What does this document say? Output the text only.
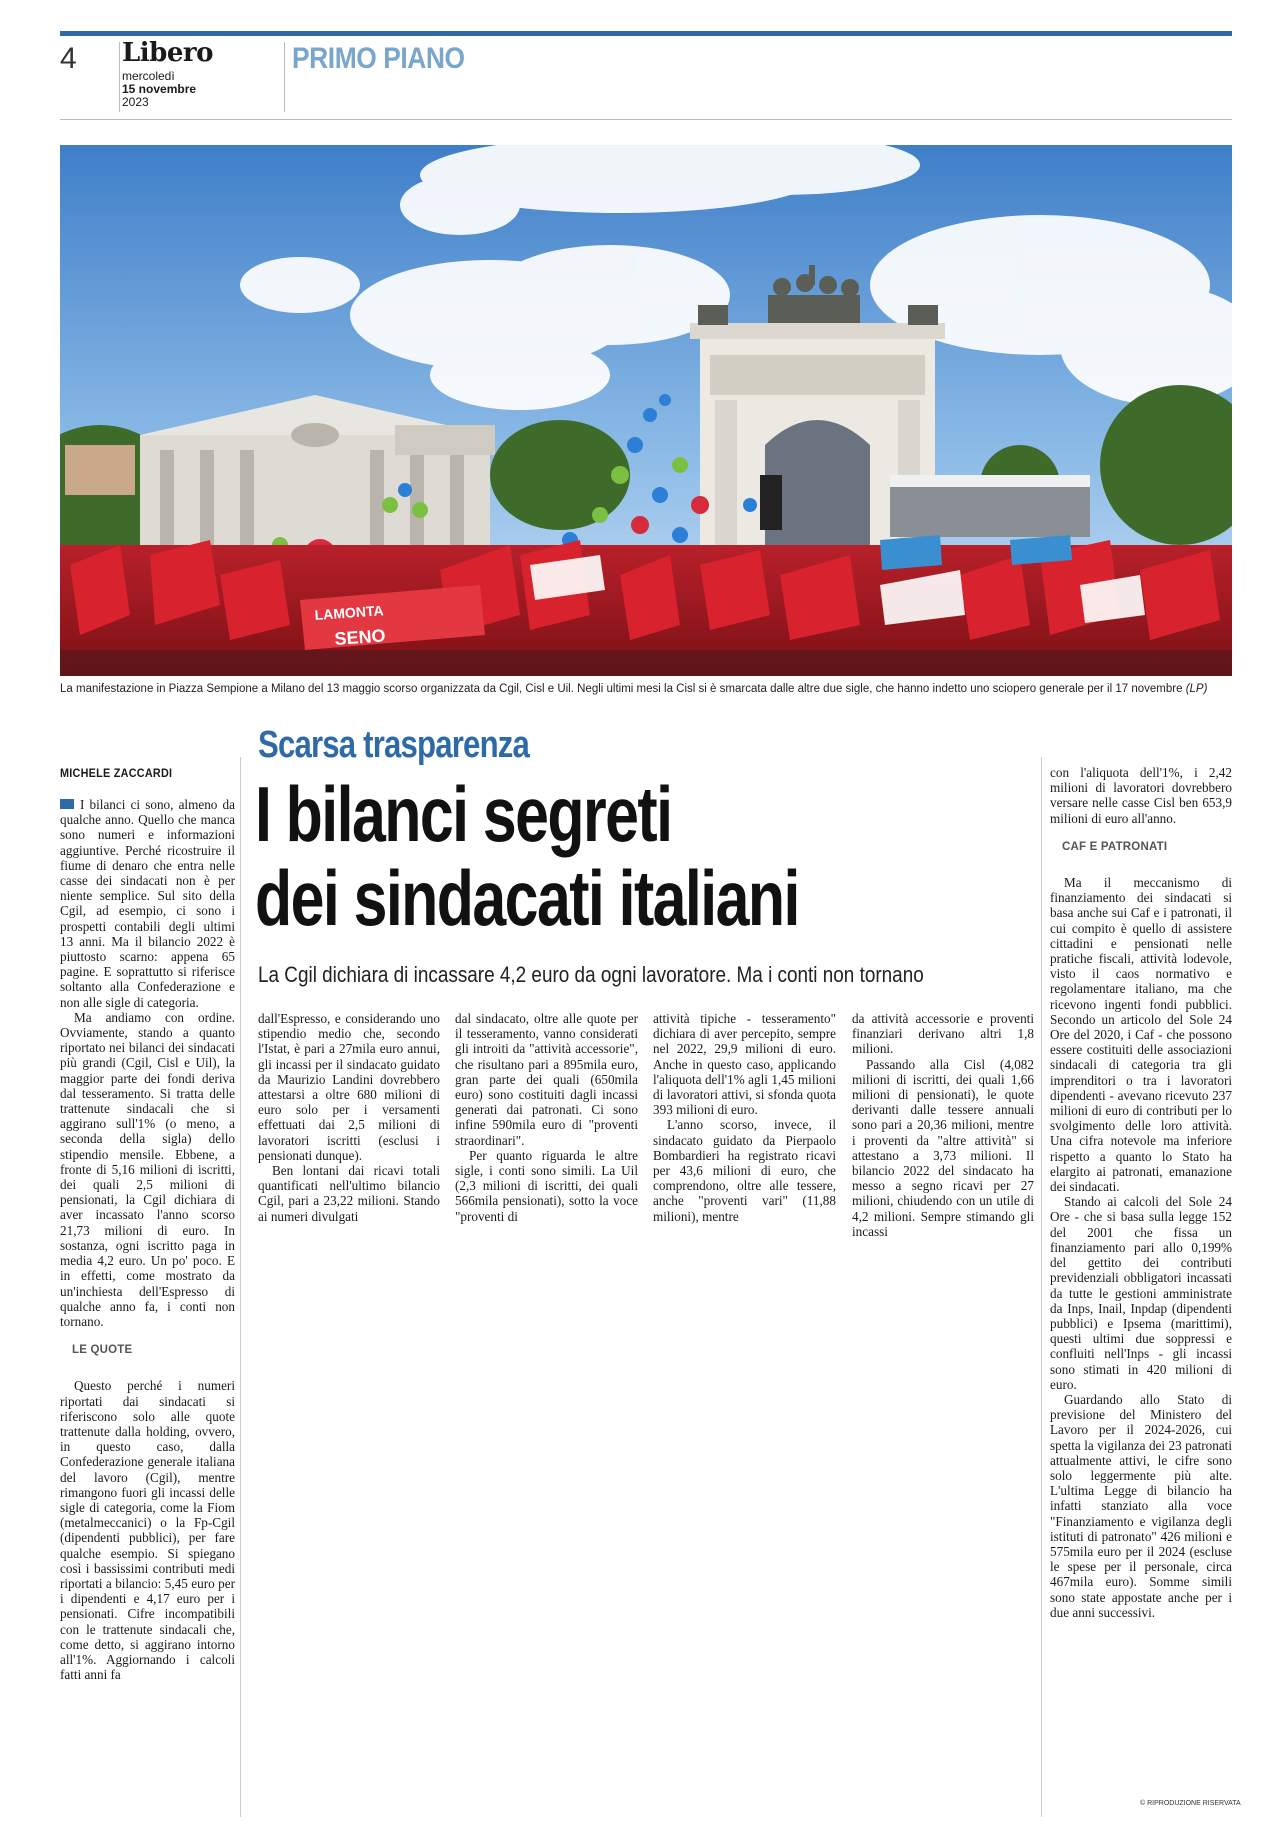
4 Libero
mercoledì
15 novembre
2023
PRIMO PIANO
LAMONTA
SENO
La manifestazione in Piazza Sempione a Milano del 13 maggio scorso organizzata da Cgil, Cisl e Uil. Negli ultimi mesi la Cisl si è smarcata dalle altre due sigle, che hanno indetto uno sciopero generale per il 17 novembre (LP)
Scarsa trasparenza
I bilanci segreti
dei sindacati italiani
La Cgil dichiara di incassare 4,2 euro da ogni lavoratore. Ma i conti non tornano
MICHELE ZACCARDI

I bilanci ci sono, almeno da qualche anno. Quello che manca sono numeri e informazioni aggiuntive. Perché ricostruire il fiume di denaro che entra nelle casse dei sindacati non è per niente semplice. Sul sito della Cgil, ad esempio, ci sono i prospetti contabili degli ultimi 13 anni. Ma il bilancio 2022 è piuttosto scarno: appena 65 pagine. E soprattutto si riferisce soltanto alla Confederazione e non alle sigle di categoria.

Ma andiamo con ordine. Ovviamente, stando a quanto riportato nei bilanci dei sindacati più grandi (Cgil, Cisl e Uil), la maggior parte dei fondi deriva dal tesseramento. Si tratta delle trattenute sindacali che si aggirano sull'1% (o meno, a seconda della sigla) dello stipendio mensile. Ebbene, a fronte di 5,16 milioni di iscritti, dei quali 2,5 milioni di pensionati, la Cgil dichiara di aver incassato l'anno scorso 21,73 milioni di euro. In sostanza, ogni iscritto paga in media 4,2 euro. Un po' poco. E in effetti, come mostrato da un'inchiesta dell'Espresso di qualche anno fa, i conti non tornano.

LE QUOTE

Questo perché i numeri riportati dai sindacati si riferiscono solo alle quote trattenute dalla holding, ovvero, in questo caso, dalla Confederazione generale italiana del lavoro (Cgil), mentre rimangono fuori gli incassi delle sigle di categoria, come la Fiom (metalmeccanici) o la Fp-Cgil (dipendenti pubblici), per fare qualche esempio. Si spiegano così i bassissimi contributi medi riportati a bilancio: 5,45 euro per i dipendenti e 4,17 euro per i pensionati. Cifre incompatibili con le trattenute sindacali che, come detto, si aggirano intorno all'1%. Aggiornando i calcoli fatti anni fa

dall'Espresso, e considerando uno stipendio medio che, secondo l'Istat, è pari a 27mila euro annui, gli incassi per il sindacato guidato da Maurizio Landini dovrebbero attestarsi a oltre 680 milioni di euro solo per i versamenti effettuati dai 2,5 milioni di lavoratori iscritti (esclusi i pensionati dunque).

Ben lontani dai ricavi totali quantificati nell'ultimo bilancio Cgil, pari a 23,22 milioni. Stando ai numeri divulgati

dal sindacato, oltre alle quote per il tesseramento, vanno considerati gli introiti da "attività accessorie", che risultano pari a 895mila euro, gran parte dei quali (650mila euro) sono costituiti dagli incassi generati dai patronati. Ci sono infine 590mila euro di "proventi straordinari".

Per quanto riguarda le altre sigle, i conti sono simili. La Uil (2,3 milioni di iscritti, dei quali 566mila pensionati), sotto la voce "proventi di

attività tipiche - tesseramento" dichiara di aver percepito, sempre nel 2022, 29,9 milioni di euro. Anche in questo caso, applicando l'aliquota dell'1% agli 1,45 milioni di lavoratori attivi, si sfonda quota 393 milioni di euro.

L'anno scorso, invece, il sindacato guidato da Pierpaolo Bombardieri ha registrato ricavi per 43,6 milioni di euro, che comprendono, oltre alle tessere, anche "proventi vari" (11,88 milioni), mentre

da attività accessorie e proventi finanziari derivano altri 1,8 milioni.

Passando alla Cisl (4,082 milioni di iscritti, dei quali 1,66 milioni di pensionati), le quote derivanti dalle tessere annuali sono pari a 20,36 milioni, mentre i proventi da "altre attività" si attestano a 3,73 milioni. Il bilancio 2022 del sindacato ha messo a segno ricavi per 27 milioni, chiudendo con un utile di 4,2 milioni. Sempre stimando gli incassi

con l'aliquota dell'1%, i 2,42 milioni di lavoratori dovrebbero versare nelle casse Cisl ben 653,9 milioni di euro all'anno.

CAF E PATRONATI

Ma il meccanismo di finanziamento dei sindacati si basa anche sui Caf e i patronati, il cui compito è quello di assistere cittadini e pensionati nelle pratiche fiscali, attività lodevole, visto il caos normativo e regolamentare italiano, ma che ricevono ingenti fondi pubblici. Secondo un articolo del Sole 24 Ore del 2020, i Caf - che possono essere costituiti delle associazioni sindacali di categoria tra gli imprenditori o tra i lavoratori dipendenti - avevano ricevuto 237 milioni di euro di contributi per lo svolgimento delle loro attività. Una cifra notevole ma inferiore rispetto a quanto lo Stato ha elargito ai patronati, emanazione dei sindacati.

Stando ai calcoli del Sole 24 Ore - che si basa sulla legge 152 del 2001 che fissa un finanziamento pari allo 0,199% del gettito dei contributi previdenziali obbligatori incassati da tutte le gestioni amministrate da Inps, Inail, Inpdap (dipendenti pubblici) e Ipsema (marittimi), questi ultimi due soppressi e confluiti nell'Inps - gli incassi sono stimati in 420 milioni di euro.

Guardando allo Stato di previsione del Ministero del Lavoro per il 2024-2026, cui spetta la vigilanza dei 23 patronati attualmente attivi, le cifre sono solo leggermente più alte. L'ultima Legge di bilancio ha infatti stanziato alla voce "Finanziamento e vigilanza degli istituti di patronato" 426 milioni e 575mila euro per il 2024 (escluse le spese per il personale, circa 467mila euro). Somme simili sono state appostate anche per i due anni successivi.

© RIPRODUZIONE RISERVATA
